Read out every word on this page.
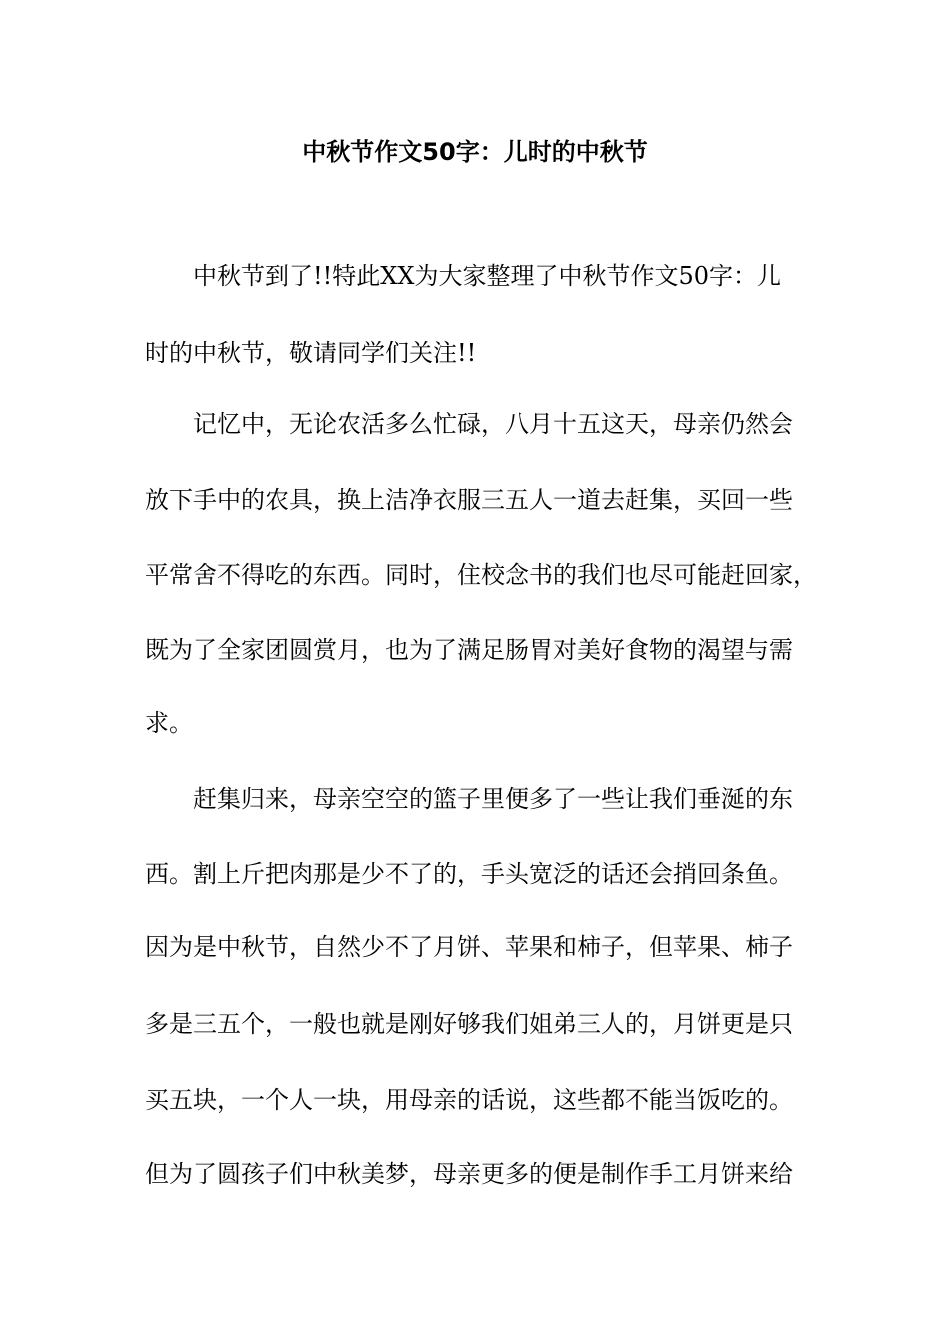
中秋节作文50字：儿时的中秋节

中秋节到了!!特此XX为大家整理了中秋节作文50字：儿

时的中秋节，敬请同学们关注!!

记忆中，无论农活多么忙碌，八月十五这天，母亲仍然会

放下手中的农具，换上洁净衣服三五人一道去赶集，买回一些

平常舍不得吃的东西。同时，住校念书的我们也尽可能赶回家，

既为了全家团圆赏月，也为了满足肠胃对美好食物的渴望与需

求。

赶集归来，母亲空空的篮子里便多了一些让我们垂涎的东

西。割上斤把肉那是少不了的，手头宽泛的话还会捎回条鱼。

因为是中秋节，自然少不了月饼、苹果和柿子，但苹果、柿子

多是三五个，一般也就是刚好够我们姐弟三人的，月饼更是只

买五块，一个人一块，用母亲的话说，这些都不能当饭吃的。

但为了圆孩子们中秋美梦，母亲更多的便是制作手工月饼来给
